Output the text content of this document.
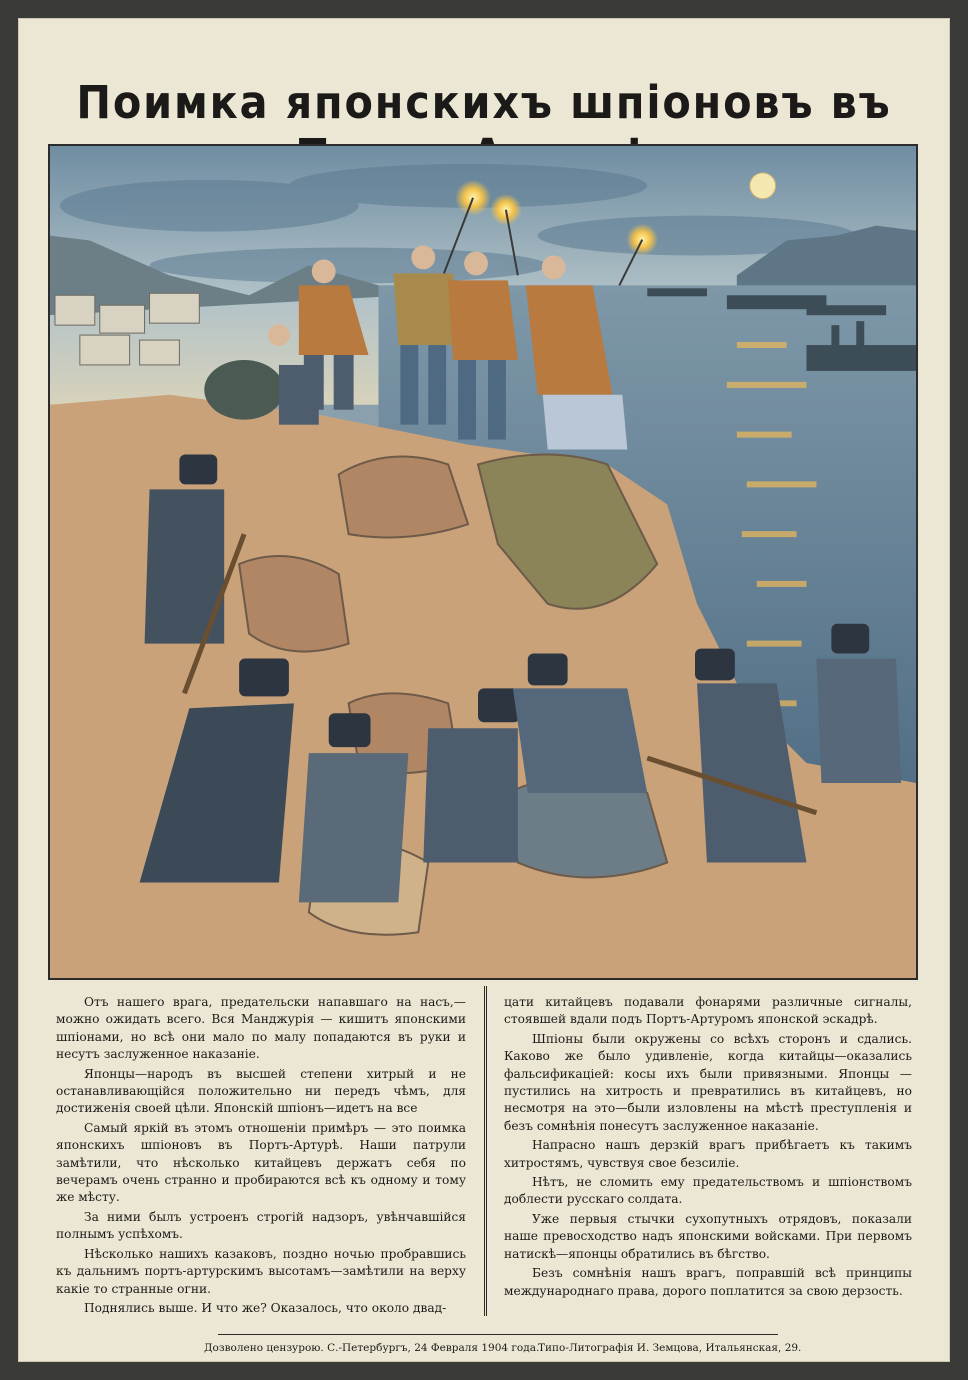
Поимка японскихъ шпіоновъ въ

Отъ нашего врага, предательски напавшаго на насъ,— можно ожидать всего. Вся Манджурія — кишитъ японскими шпіонами, но всѣ они мало по малу попадаются въ руки и несутъ заслуженное наказаніе.

Японцы—народъ въ высшей степени хитрый и не останавливающійся положительно ни передъ чѣмъ, для достиженія своей цѣли. Японскій шпіонъ—идетъ на все

Самый яркій въ этомъ отношеніи примѣръ — это поимка японскихъ шпіоновъ въ Портъ-Артурѣ. Наши патрули замѣтили, что нѣсколько китайцевъ держатъ себя по вечерамъ очень странно и пробираются всѣ къ одному и тому же мѣсту.

За ними былъ устроенъ строгій надзоръ, увѣнчавшійся полнымъ успѣхомъ.

Нѣсколько нашихъ казаковъ, поздно ночью пробравшись къ дальнимъ портъ-артурскимъ высотамъ—замѣтили на верху какіе то странные огни.

Поднялись выше. И что же? Оказалось, что около двад-

цати китайцевъ подавали фонарями различные сигналы, стоявшей вдали подъ Портъ-Артуромъ японской эскадрѣ.

Шпіоны были окружены со всѣхъ сторонъ и сдались. Каково же было удивленіе, когда китайцы—оказались фальсификаціей: косы ихъ были привязными. Японцы — пустились на хитрость и превратились въ китайцевъ, но несмотря на это—были изловлены на мѣстѣ преступленія и безъ сомнѣнія понесутъ заслуженное наказаніе.

Напрасно нашъ дерзкій врагъ прибѣгаетъ къ такимъ хитростямъ, чувствуя свое безсиліе.

Нѣтъ, не сломить ему предательствомъ и шпіонствомъ доблести русскаго солдата.

Уже первыя стычки сухопутныхъ отрядовъ, показали наше превосходство надъ японскими войсками. При первомъ натискѣ—японцы обратились въ бѣгство.

Безъ сомнѣнія нашъ врагъ, поправшій всѣ принципы международнаго права, дорого поплатится за свою дерзость.

Дозволено цензурою. С.-Петербургъ, 24 Февраля 1904 года.
Типо-Литографія И. Земцова, Итальянская, 29.
